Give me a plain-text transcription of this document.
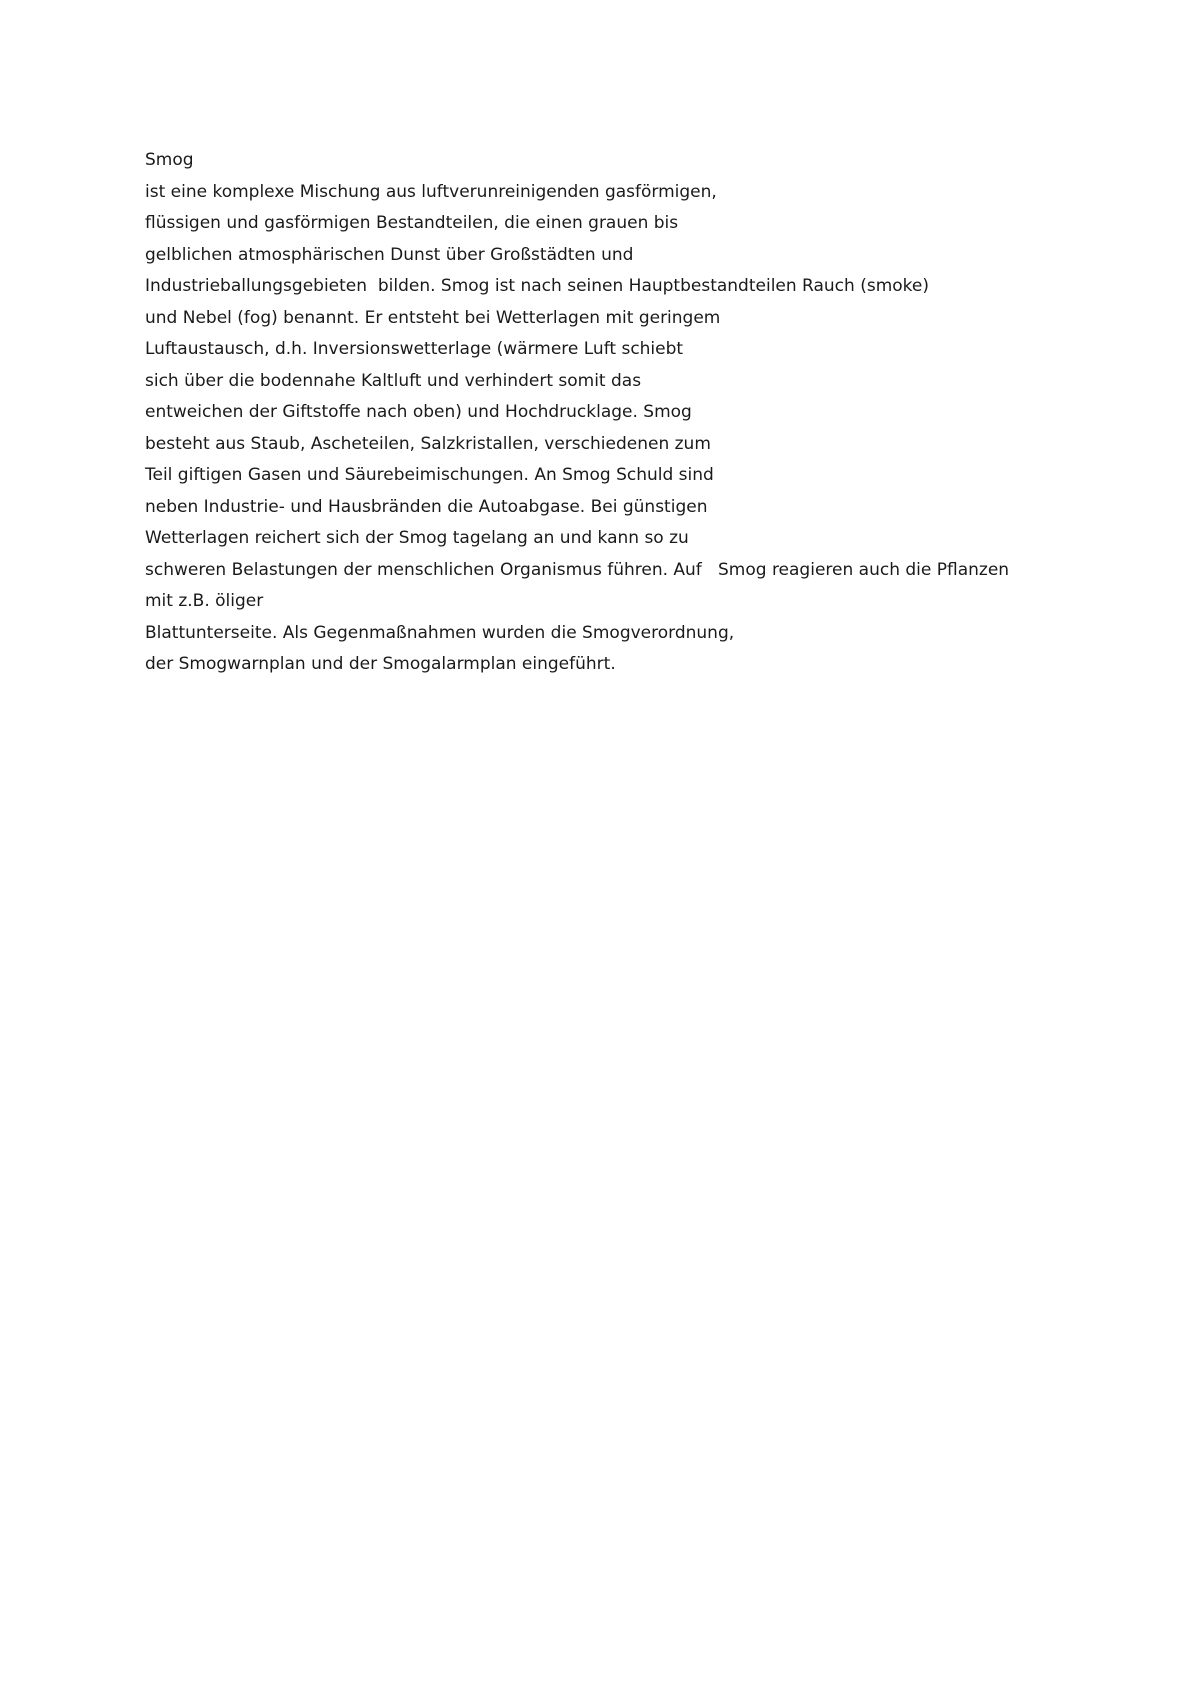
Smog
ist eine komplexe Mischung aus luftverunreinigenden gasförmigen,
flüssigen und gasförmigen Bestandteilen, die einen grauen bis
gelblichen atmosphärischen Dunst über Großstädten und
Industrieballungsgebieten  bilden. Smog ist nach seinen Hauptbestandteilen Rauch (smoke)
und Nebel (fog) benannt. Er entsteht bei Wetterlagen mit geringem
Luftaustausch, d.h. Inversionswetterlage (wärmere Luft schiebt
sich über die bodennahe Kaltluft und verhindert somit das
entweichen der Giftstoffe nach oben) und Hochdrucklage. Smog
besteht aus Staub, Ascheteilen, Salzkristallen, verschiedenen zum
Teil giftigen Gasen und Säurebeimischungen. An Smog Schuld sind
neben Industrie- und Hausbränden die Autoabgase. Bei günstigen
Wetterlagen reichert sich der Smog tagelang an und kann so zu
schweren Belastungen der menschlichen Organismus führen. Auf   Smog reagieren auch die Pflanzen
mit z.B. öliger
Blattunterseite. Als Gegenmaßnahmen wurden die Smogverordnung,
der Smogwarnplan und der Smogalarmplan eingeführt.
